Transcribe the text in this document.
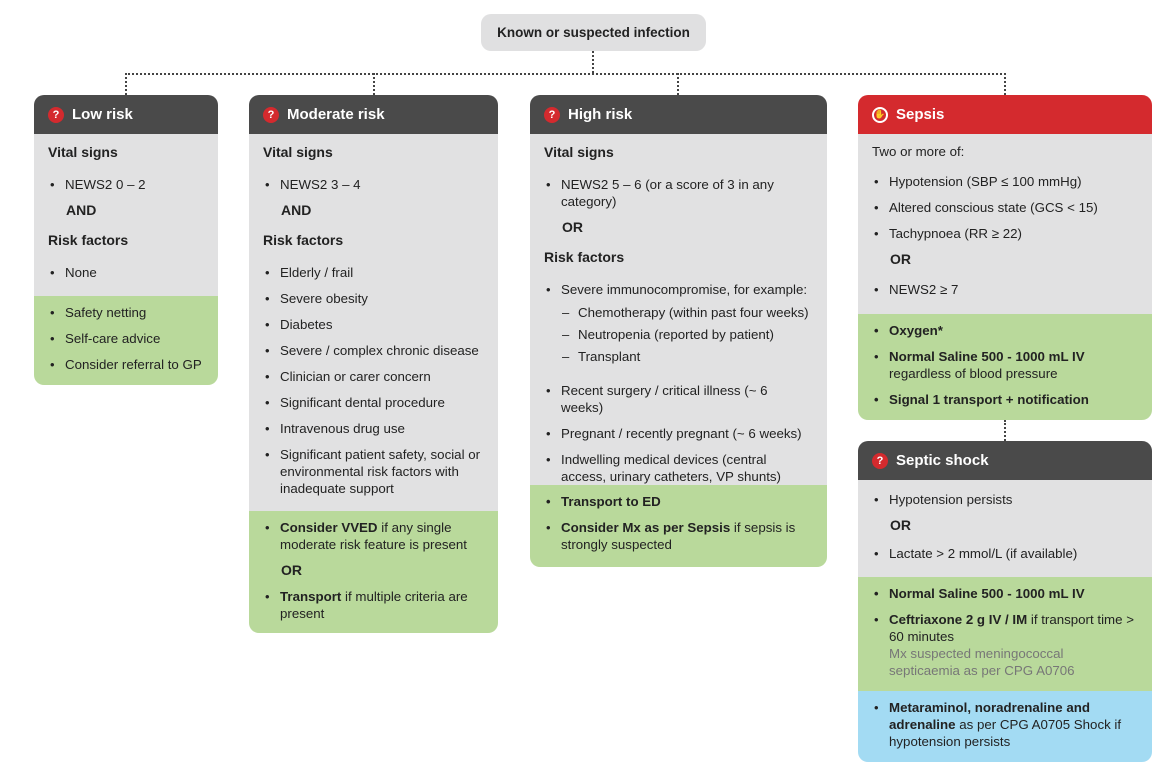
Known or suspected infection
? Low risk
Vital signs
• NEWS2 0 – 2
AND
Risk factors
• None
• Safety netting
• Self-care advice
• Consider referral to GP
? Moderate risk
Vital signs
• NEWS2 3 – 4
AND
Risk factors
• Elderly / frail
• Severe obesity
• Diabetes
• Severe / complex chronic disease
• Clinician or carer concern
• Significant dental procedure
• Intravenous drug use
• Significant patient safety, social or environmental risk factors with inadequate support
• Consider VVED if any single moderate risk feature is present
OR
• Transport if multiple criteria are present
? High risk
Vital signs
• NEWS2 5 – 6 (or a score of 3 in any category)
OR
Risk factors
• Severe immunocompromise, for example:
– Chemotherapy (within past four weeks)
– Neutropenia (reported by patient)
– Transplant
• Recent surgery / critical illness (~ 6 weeks)
• Pregnant / recently pregnant (~ 6 weeks)
• Indwelling medical devices (central access, urinary catheters, VP shunts)
• Transport to ED
• Consider Mx as per Sepsis if sepsis is strongly suspected
✋ Sepsis
Two or more of:
• Hypotension (SBP ≤ 100 mmHg)
• Altered conscious state (GCS < 15)
• Tachypnoea (RR ≥ 22)
OR
• NEWS2 ≥ 7
• Oxygen*
• Normal Saline 500 - 1000 mL IV
regardless of blood pressure
• Signal 1 transport + notification
? Septic shock
• Hypotension persists
OR
• Lactate > 2 mmol/L (if available)
• Normal Saline 500 - 1000 mL IV
• Ceftriaxone 2 g IV / IM if transport time > 60 minutes
Mx suspected meningococcal septicaemia as per CPG A0706
• Metaraminol, noradrenaline and adrenaline as per CPG A0705 Shock if hypotension persists
